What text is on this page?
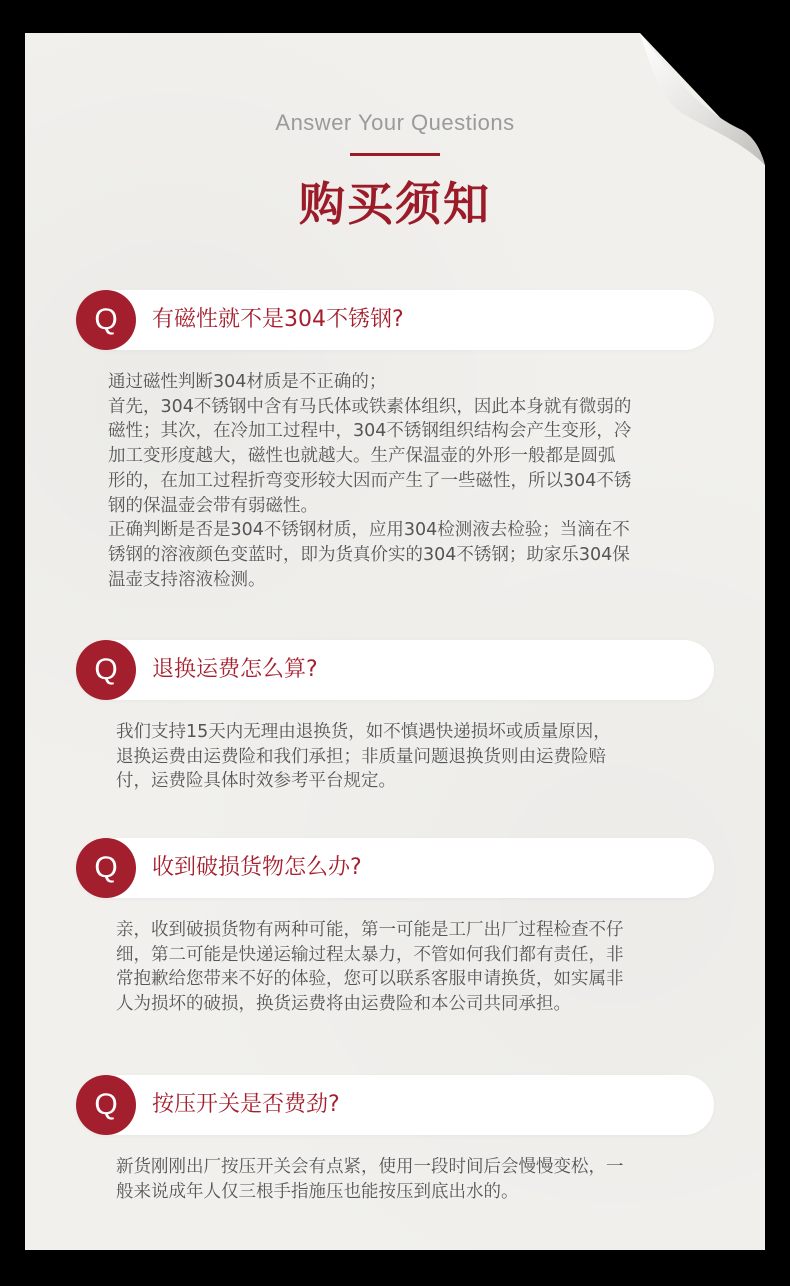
Answer Your Questions
购买须知
Q	有磁性就不是304不锈钢?

通过磁性判断304材质是不正确的；

首先，304不锈钢中含有马氏体或铁素体组织，因此本身就有微弱的

磁性；其次，在冷加工过程中，304不锈钢组织结构会产生变形，冷

加工变形度越大，磁性也就越大。生产保温壶的外形一般都是圆弧

形的，在加工过程折弯变形较大因而产生了一些磁性，所以304不锈

钢的保温壶会带有弱磁性。

正确判断是否是304不锈钢材质，应用304检测液去检验；当滴在不

锈钢的溶液颜色变蓝时，即为货真价实的304不锈钢；助家乐304保

温壶支持溶液检测。

Q	退换运费怎么算?

我们支持15天内无理由退换货，如不慎遇快递损坏或质量原因，

退换运费由运费险和我们承担；非质量问题退换货则由运费险赔

付，运费险具体时效参考平台规定。

Q	收到破损货物怎么办?

亲，收到破损货物有两种可能，第一可能是工厂出厂过程检查不仔

细，第二可能是快递运输过程太暴力，不管如何我们都有责任，非

常抱歉给您带来不好的体验，您可以联系客服申请换货，如实属非

人为损坏的破损，换货运费将由运费险和本公司共同承担。

Q	按压开关是否费劲?

新货刚刚出厂按压开关会有点紧，使用一段时间后会慢慢变松，一

般来说成年人仅三根手指施压也能按压到底出水的。
